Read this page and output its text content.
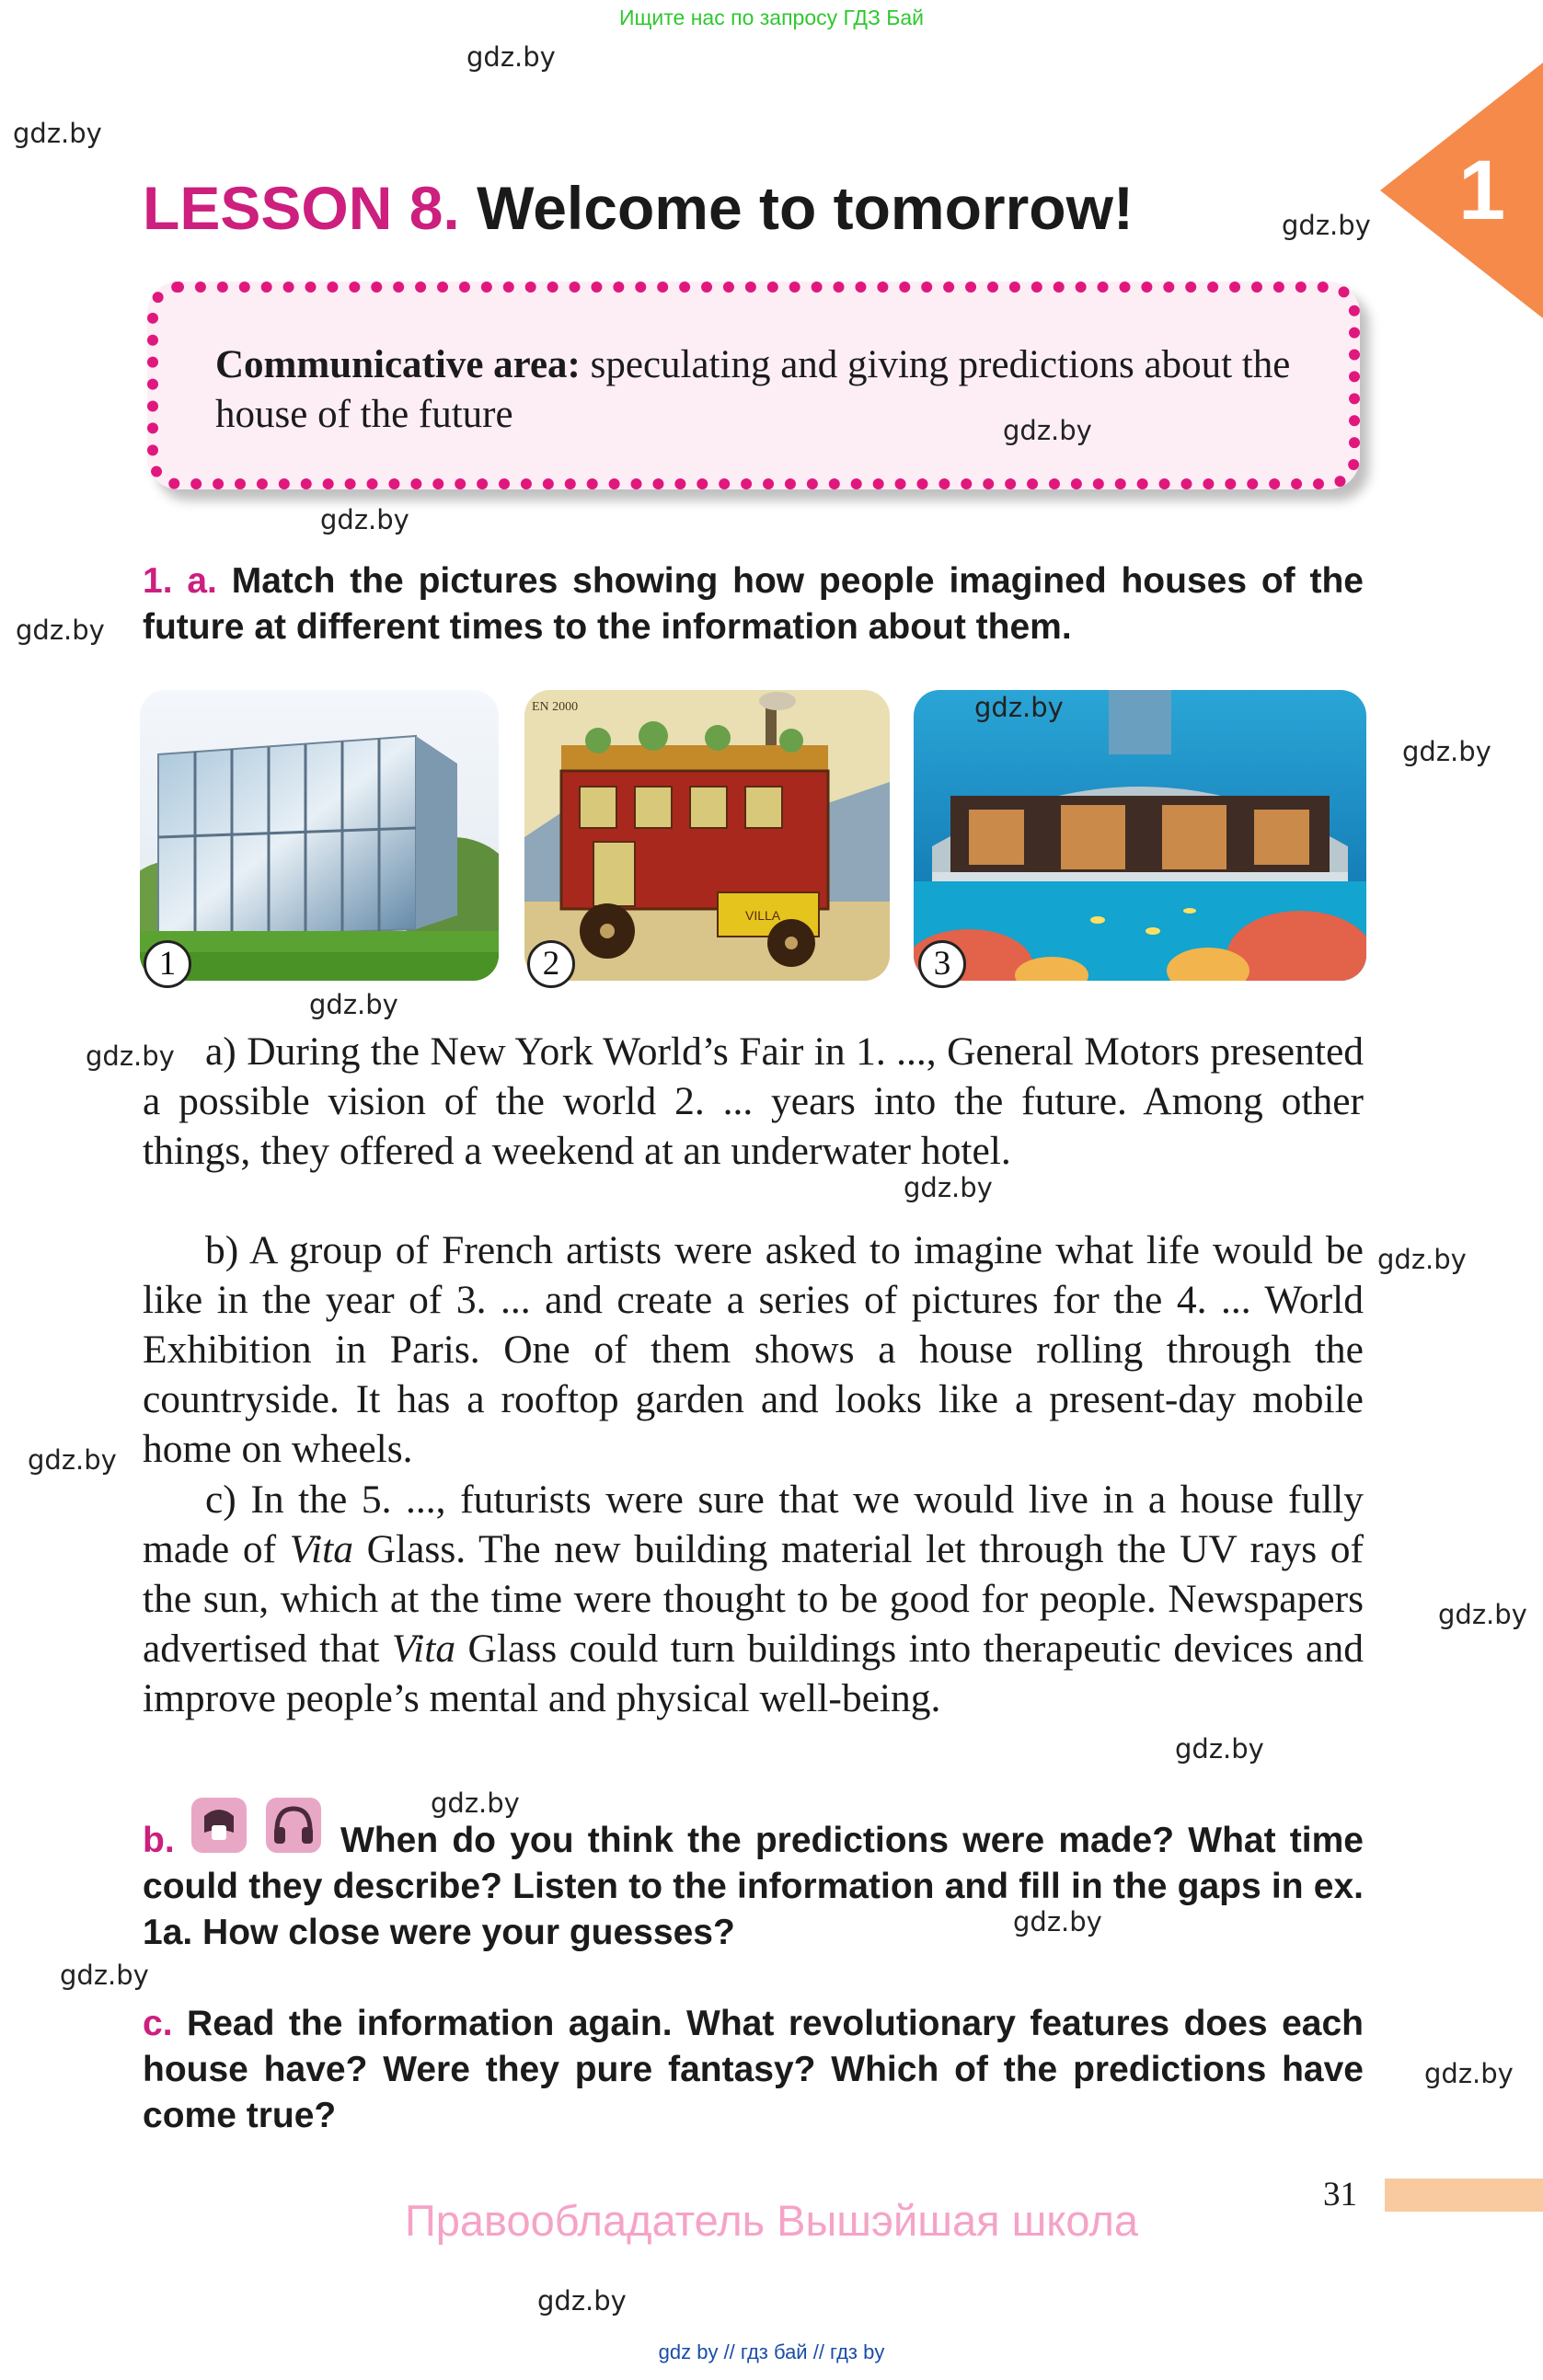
Ищите нас по запросу ГДЗ Бай
1
LESSON 8. Welcome to tomorrow!
Communicative area: speculating and giving predictions about the house of the future
1. a. Match the pictures showing how people imagined houses of the future at different times to the information about them.
1
EN 2000
VILLA
2	3
a) During the New York World’s Fair in 1. ..., General Motors presented a possible vision of the world 2. ... years into the future. Among other things, they offered a weekend at an underwater hotel.
b) A group of French artists were asked to imagine what life would be like in the year of 3. ... and create a series of pictures for the 4. ... World Exhibition in Paris. One of them shows a house rolling through the countryside. It has a rooftop garden and looks like a present-day mobile home on wheels.
c) In the 5. ..., futurists were sure that we would live in a house fully made of Vita Glass. The new building material let through the UV rays of the sun, which at the time were thought to be good for people. Newspapers advertised that Vita Glass could turn buildings into therapeutic devices and improve people’s mental and physical well-being.
b.	When do you think the predictions were made? What time could they describe? Listen to the information and fill in the gaps in ex. 1a. How close were your guesses?
c. Read the information again. What revolutionary features does each house have? Were they pure fantasy? Which of the predictions have come true?
31
Правообладатель Вышэйшая школа
gdz by // гдз бай // гдз by
gdz.by
gdz.by
gdz.by
gdz.by
gdz.by
gdz.by
gdz.by
gdz.by
gdz.by
gdz.by
gdz.by
gdz.by
gdz.by
gdz.by
gdz.by
gdz.by
gdz.by
gdz.by
gdz.by
gdz.by
